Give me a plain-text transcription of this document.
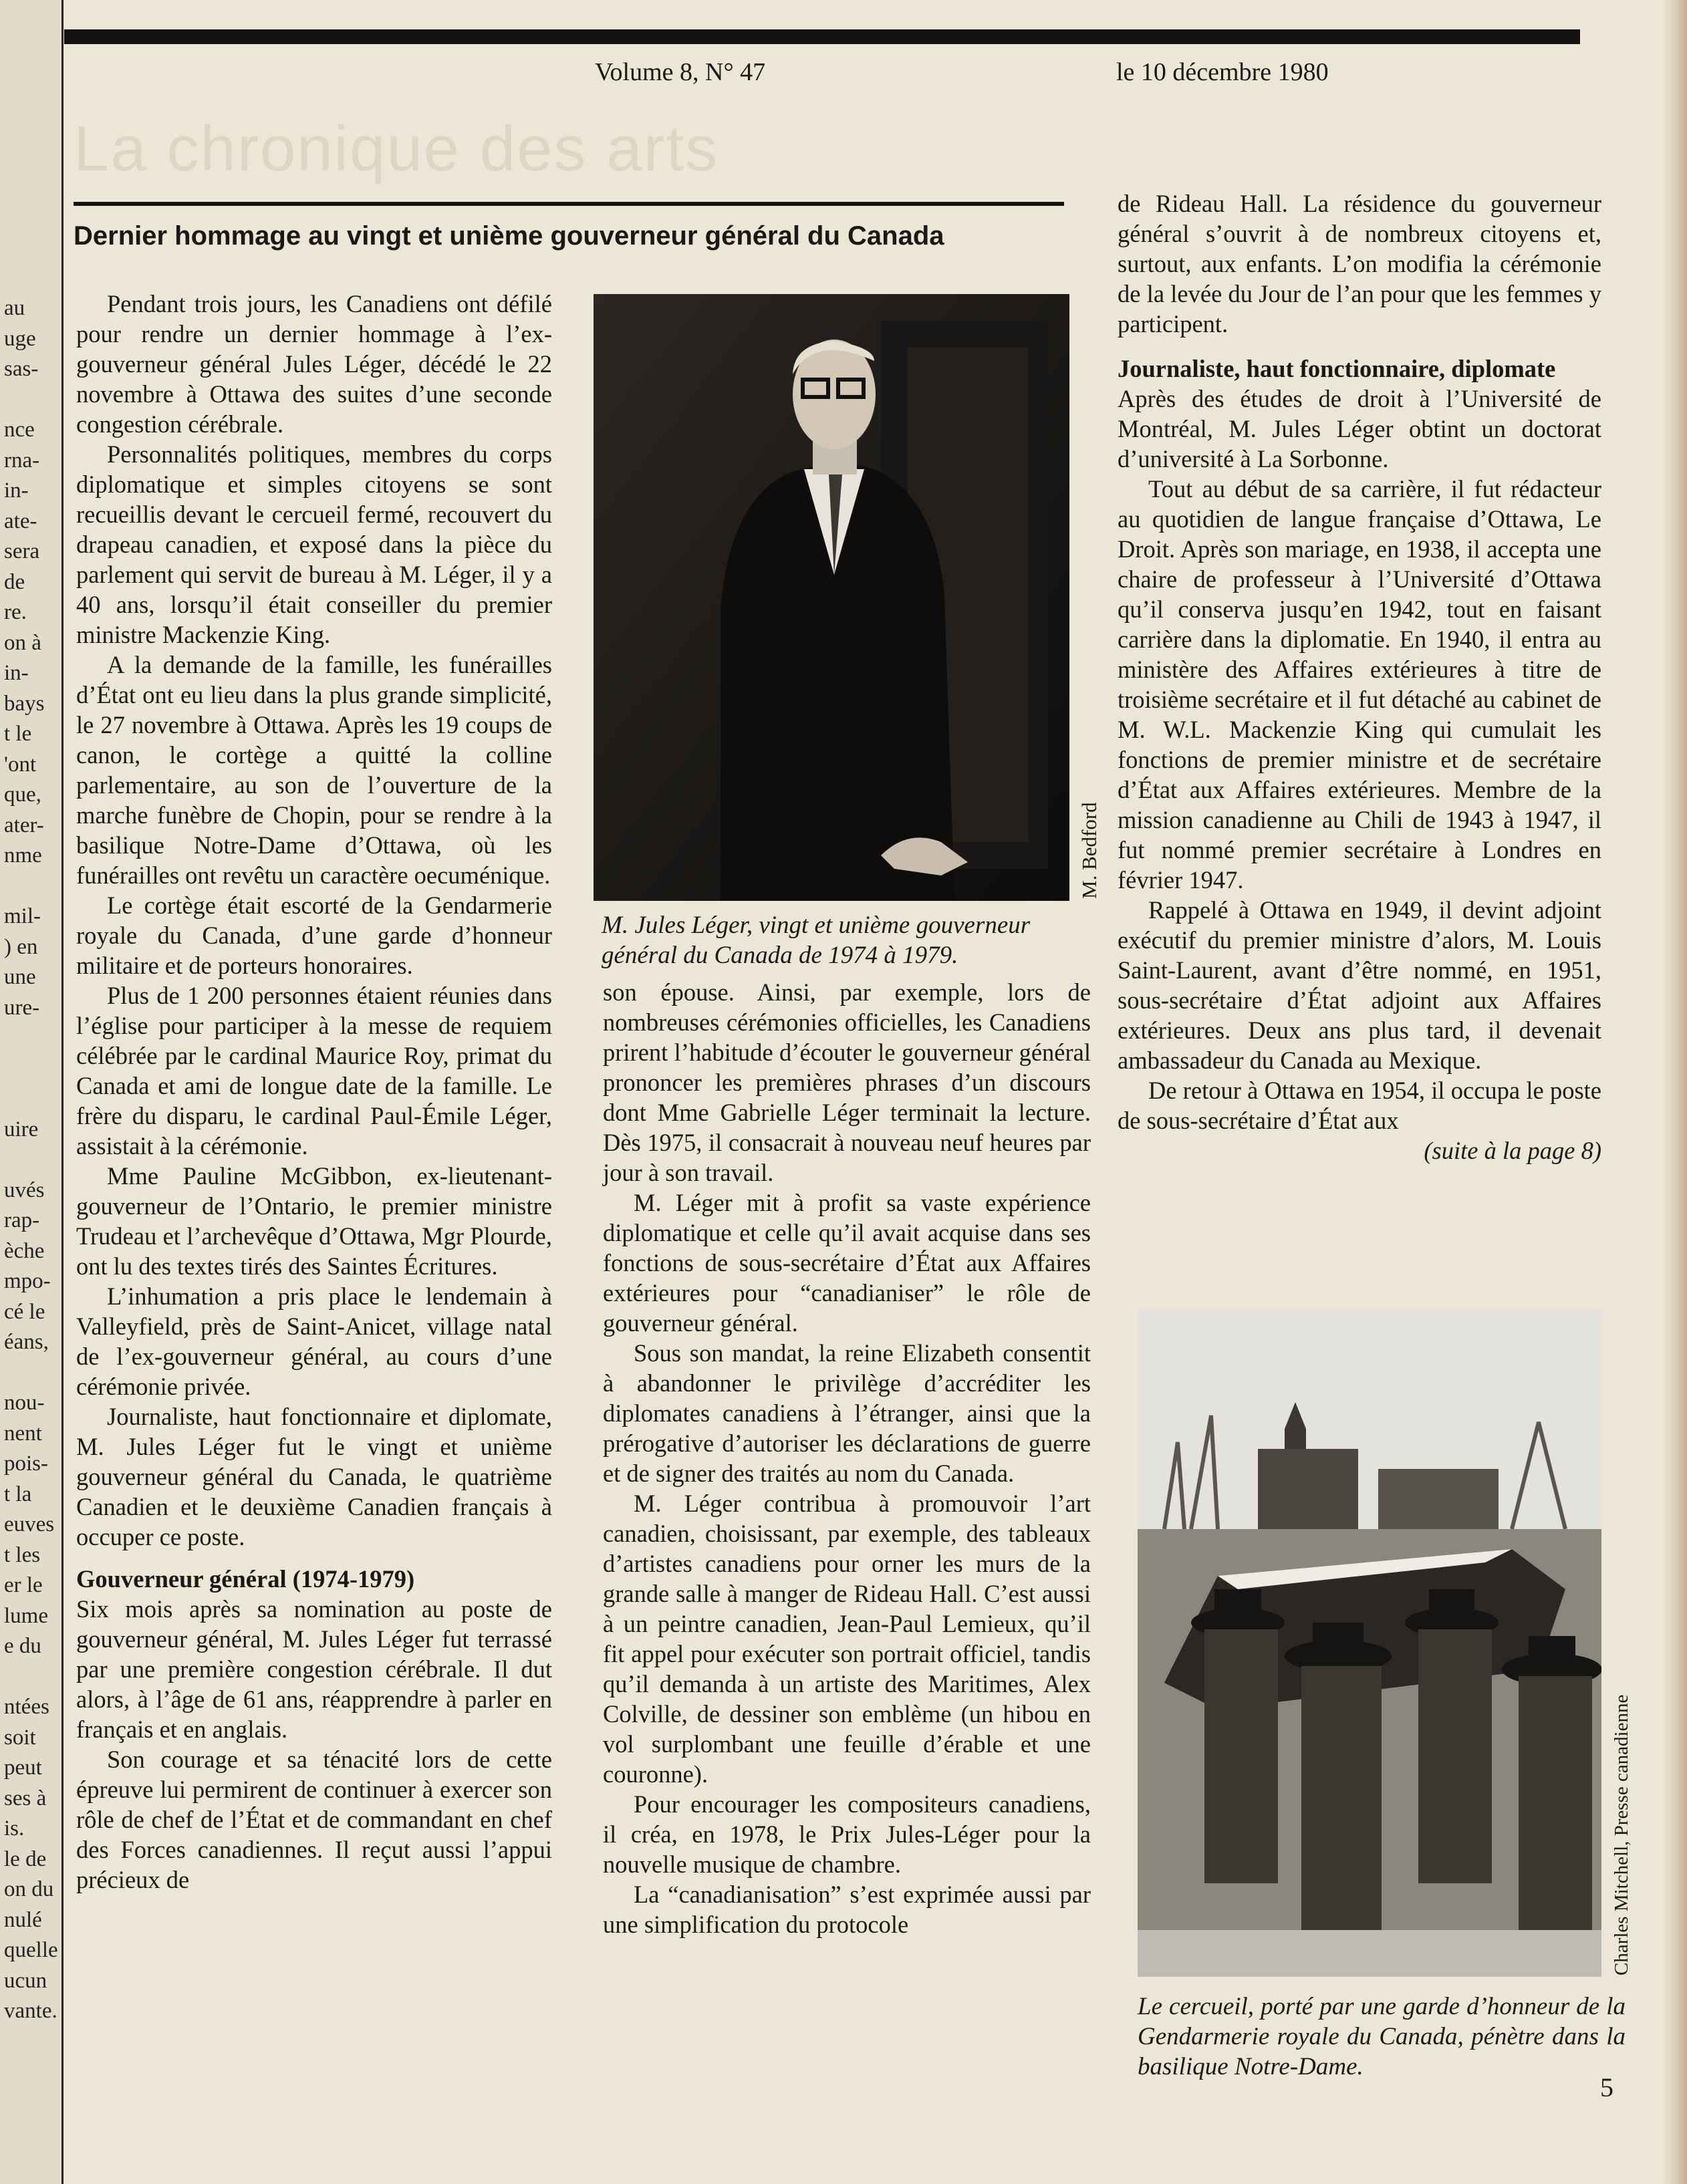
au
uge
sas-
nce
rna-
in-
ate-
sera
de
re.
on à
in-
bays
t le
'ont
que,
ater-
nme
mil-
) en
une
ure-
uire
uvés
rap-
èche
mpo-
cé le
éans,
nou-
nent
pois-
t la
euves
t les
er le
lume
e du
ntées
soit
peut
ses à
is.
le de
on du
nulé
quelle
ucun
vante.
Volume 8, N° 47	le 10 décembre 1980
La chronique des arts
Dernier hommage au vingt et unième gouverneur général du Canada

Pendant trois jours, les Canadiens ont défilé pour rendre un dernier hommage à l’ex-gouverneur général Jules Léger, décédé le 22 novembre à Ottawa des suites d’une seconde congestion cérébrale.

Personnalités politiques, membres du corps diplomatique et simples citoyens se sont recueillis devant le cercueil fermé, recouvert du drapeau canadien, et exposé dans la pièce du parlement qui servit de bureau à M. Léger, il y a 40 ans, lorsqu’il était conseiller du premier ministre Mackenzie King.

A la demande de la famille, les funérailles d’État ont eu lieu dans la plus grande simplicité, le 27 novembre à Ottawa. Après les 19 coups de canon, le cortège a quitté la colline parlementaire, au son de l’ouverture de la marche funèbre de Chopin, pour se rendre à la basilique Notre-Dame d’Ottawa, où les funérailles ont revêtu un caractère oecuménique.

Le cortège était escorté de la Gendarmerie royale du Canada, d’une garde d’honneur militaire et de porteurs honoraires.

Plus de 1 200 personnes étaient réunies dans l’église pour participer à la messe de requiem célébrée par le cardinal Maurice Roy, primat du Canada et ami de longue date de la famille. Le frère du disparu, le cardinal Paul-Émile Léger, assistait à la cérémonie.

Mme Pauline McGibbon, ex-lieutenant-gouverneur de l’Ontario, le premier ministre Trudeau et l’archevêque d’Ottawa, Mgr Plourde, ont lu des textes tirés des Saintes Écritures.

L’inhumation a pris place le lendemain à Valleyfield, près de Saint-Anicet, village natal de l’ex-gouverneur général, au cours d’une cérémonie privée.

Journaliste, haut fonctionnaire et diplomate, M. Jules Léger fut le vingt et unième gouverneur général du Canada, le quatrième Canadien et le deuxième Canadien français à occuper ce poste.

Gouverneur général (1974-1979)

Six mois après sa nomination au poste de gouverneur général, M. Jules Léger fut terrassé par une première congestion cérébrale. Il dut alors, à l’âge de 61 ans, réapprendre à parler en français et en anglais.

Son courage et sa ténacité lors de cette épreuve lui permirent de continuer à exercer son rôle de chef de l’État et de commandant en chef des Forces canadiennes. Il reçut aussi l’appui précieux de

M. Bedford
M. Jules Léger, vingt et unième gouverneur général du Canada de 1974 à 1979.

son épouse. Ainsi, par exemple, lors de nombreuses cérémonies officielles, les Canadiens prirent l’habitude d’écouter le gouverneur général prononcer les premières phrases d’un discours dont Mme Gabrielle Léger terminait la lecture. Dès 1975, il consacrait à nouveau neuf heures par jour à son travail.

M. Léger mit à profit sa vaste expérience diplomatique et celle qu’il avait acquise dans ses fonctions de sous-secrétaire d’État aux Affaires extérieures pour “canadianiser” le rôle de gouverneur général.

Sous son mandat, la reine Elizabeth consentit à abandonner le privilège d’accréditer les diplomates canadiens à l’étranger, ainsi que la prérogative d’autoriser les déclarations de guerre et de signer des traités au nom du Canada.

M. Léger contribua à promouvoir l’art canadien, choisissant, par exemple, des tableaux d’artistes canadiens pour orner les murs de la grande salle à manger de Rideau Hall. C’est aussi à un peintre canadien, Jean-Paul Lemieux, qu’il fit appel pour exécuter son portrait officiel, tandis qu’il demanda à un artiste des Maritimes, Alex Colville, de dessiner son emblème (un hibou en vol surplombant une feuille d’érable et une couronne).

Pour encourager les compositeurs canadiens, il créa, en 1978, le Prix Jules-Léger pour la nouvelle musique de chambre.

La “canadianisation” s’est exprimée aussi par une simplification du protocole

de Rideau Hall. La résidence du gouverneur général s’ouvrit à de nombreux citoyens et, surtout, aux enfants. L’on modifia la cérémonie de la levée du Jour de l’an pour que les femmes y participent.

Journaliste, haut fonctionnaire, diplomate

Après des études de droit à l’Université de Montréal, M. Jules Léger obtint un doctorat d’université à La Sorbonne.

Tout au début de sa carrière, il fut rédacteur au quotidien de langue française d’Ottawa, Le Droit. Après son mariage, en 1938, il accepta une chaire de professeur à l’Université d’Ottawa qu’il conserva jusqu’en 1942, tout en faisant carrière dans la diplomatie. En 1940, il entra au ministère des Affaires extérieures à titre de troisième secrétaire et il fut détaché au cabinet de M. W.L. Mackenzie King qui cumulait les fonctions de premier ministre et de secrétaire d’État aux Affaires extérieures. Membre de la mission canadienne au Chili de 1943 à 1947, il fut nommé premier secrétaire à Londres en février 1947.

Rappelé à Ottawa en 1949, il devint adjoint exécutif du premier ministre d’alors, M. Louis Saint-Laurent, avant d’être nommé, en 1951, sous-secrétaire d’État adjoint aux Affaires extérieures. Deux ans plus tard, il devenait ambassadeur du Canada au Mexique.

De retour à Ottawa en 1954, il occupa le poste de sous-secrétaire d’État aux

(suite à la page 8)
Charles Mitchell, Presse canadienne
Le cercueil, porté par une garde d’honneur de la Gendarmerie royale du Canada, pénètre dans la basilique Notre-Dame.
5
